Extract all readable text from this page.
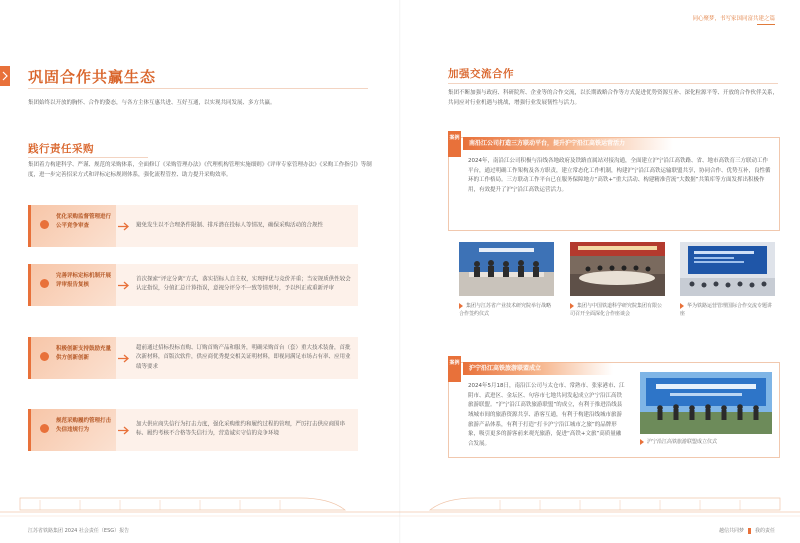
巩固合作共赢生态

集团始终以开放的胸怀、合作的姿态，与各方主体互惠共进、互好互通，以实现共同发展、多方共赢。

践行责任采购

集团着力构建科学、严谨、规范的采购体系，全面修订《采购管理办法》《代理机构管理实施细则》《评审专家管理办法》《采购工作指引》等制度，进一步完善招采方式和评标定标规则体系，强化流程管控、助力提升采购效率。

优化采购监督管理进行公平竞争审查	避免发生以不合理条件限制、排斥潜在投标人等情况，确保采购活动的合规性

完善评标定标机制开展评审报告复核

首次探索“评定分离”方式，落实招标人自主权，实现择优与竞价并重；当安规质供性较会认定指误，分值汇总计算指误，意视分评分不一致等情形时，予以纠正或重新评审

积极创新支持鼓励充量供方创新创新

超前通过招标投标直购、订购首购产品和服务，明确采购首台（套）重大技术装备，首批次新材料，首版次软件，供应商优秀提交相关证明材料，即视同满足市场占有率、应用业绩等要求

规范采购履约管理打击失信违规行为

加大供应商失信行为打击力度，强化采购维约和履约过程的管理，严厉打击供应商围串标、履约考核不合格等失信行为，营造诚实守信的竞争环境

同心聚梦，书写家国同富共建之篇
加强交流合作

集团不断加强与政府、科研院所、企业等的合作交流，以长期战略合作等方式促进优势资源互补、深化粒源平等、开放的合作伙伴关系，共同应对行业机遇与挑战，增强行业发展韧性与活力。

案例
南沿江公司打造三方联动平台，提升沪宁沿江高铁运营活力

2024年，南沿江公司积极与沿线各地政府及铁路直属站对接沟通，全面建立沪宁沿江高铁路、省、地市高铁育三方联动工作平台，通过明确工作架构及各方职责，建立常态化工作机制，构建沪宁沿江高铁运输联盟共享，协同合作、优势互补，良性循环的工作格局。三方联动工作平台已在服务保障地方“高铁+”重大活动、构建精准营流“大数据”共策库等方面发挥出积极作用，有效提升了沪宁沿江高铁运营活力。

集团与江苏省产业技术研究院举行战略合作签约仪式

集团与中国铁道科学研究院集团有限公司召开全面深化合作座谈会

华为铁路运营管理国际合作交流专题讲座

案例
沪宁沿江高铁旅游联盟成立

2024年5月18日，南沿江公司与太仓市、常熟市、张家港市、江阴市、武进区、金坛区、句容市七地共同发起成立沪宁沿江高铁旅游联盟。“沪宁沿江高铁旅游联盟”的成立，有利于推进沿线县域城市间的旅游资源共享、游客互通，有利于构建沿线城市旅游旅游产品体系，有利于打造“打卡沪宁沿江城市之旅”的品牌形象，吸引更多的游客前来观光旅游，促进“高铁+文旅”高质量融合发展。	沪宁沿江高铁旅游联盟成立仪式

江苏省铁路集团 2024 社会责任（ESG）报告	越信共同梦 我的责任
